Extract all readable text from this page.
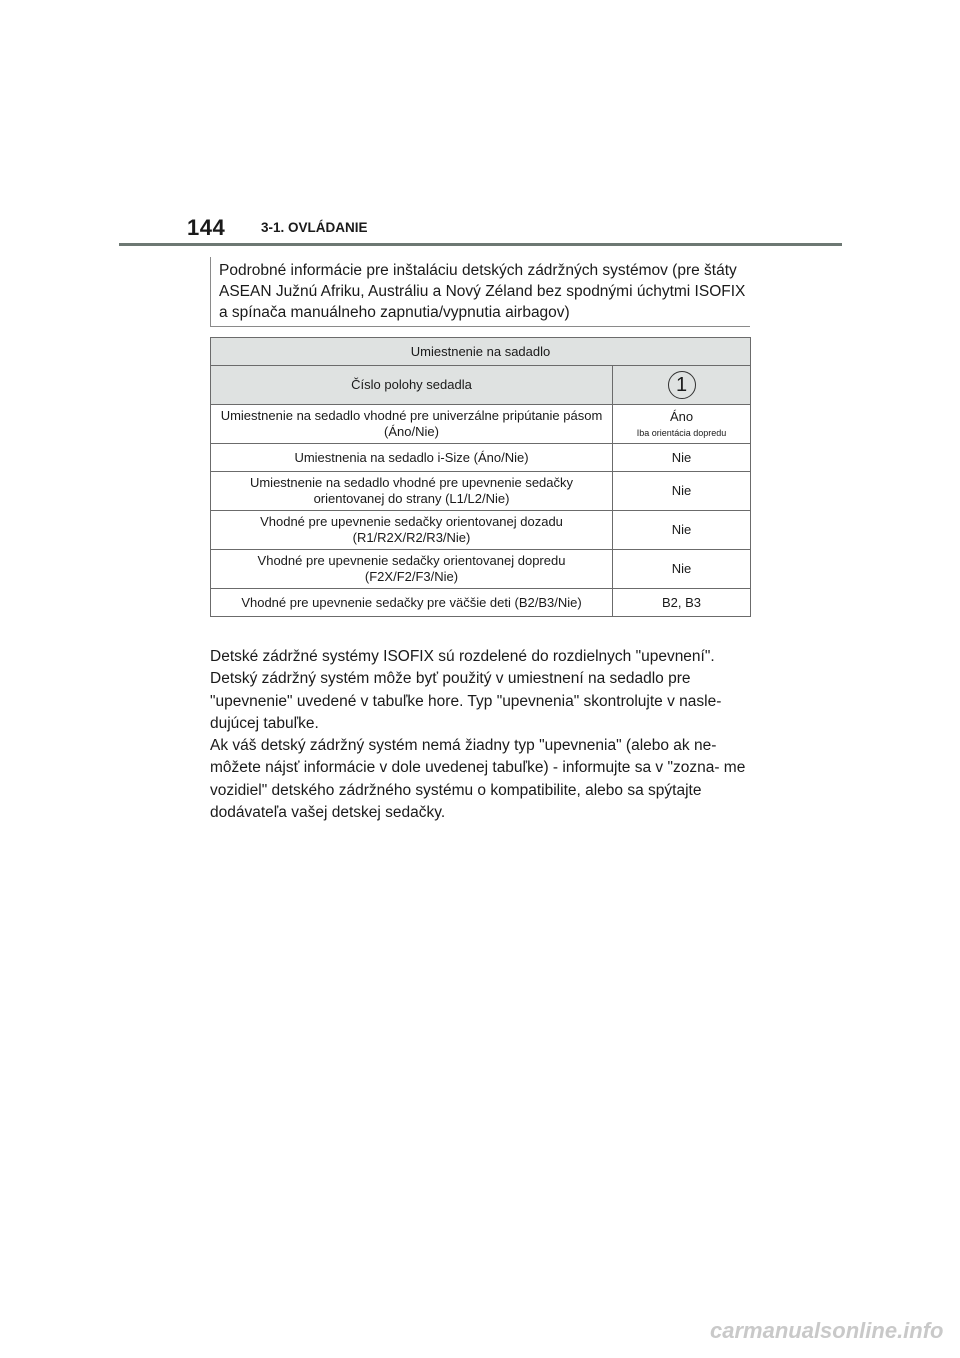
144	3-1. OVLÁDANIE
Podrobné informácie pre inštaláciu detských zádržných systémov (pre štáty ASEAN Južnú Afriku, Austráliu a Nový Zéland bez spodnými úchytmi ISOFIX a spínača manuálneho zapnutia/vypnutia airbagov)
Umiestnenie na sadadlo	
Číslo polohy sedadla	1
Umiestnenie na sedadlo vhodné pre univerzálne pripútanie pásom (Áno/Nie)	Áno
Iba orientácia dopredu

Umiestnenia na sedadlo i-Size (Áno/Nie)	Nie
Umiestnenie na sedadlo vhodné pre upevnenie sedačky orientovanej do strany (L1/L2/Nie)	Nie
Vhodné pre upevnenie sedačky orientovanej dozadu (R1/R2X/R2/R3/Nie)	Nie
Vhodné pre upevnenie sedačky orientovanej dopredu (F2X/F2/F3/Nie)	Nie
Vhodné pre upevnenie sedačky pre väčšie deti (B2/B3/Nie)	B2, B3

Detské zádržné systémy ISOFIX sú rozdelené do rozdielnych "upevnení". Detský zádržný systém môže byť použitý v umiestnení na sedadlo pre "upevnenie" uvedené v tabuľke hore. Typ "upevnenia" skontrolujte v nasle- dujúcej tabuľke.

Ak váš detský zádržný systém nemá žiadny typ "upevnenia" (alebo ak ne- môžete nájsť informácie v dole uvedenej tabuľke) - informujte sa v "zozna- me vozidiel" detského zádržného systému o kompatibilite, alebo sa spýtajte dodávateľa vašej detskej sedačky.

carmanualsonline.info
